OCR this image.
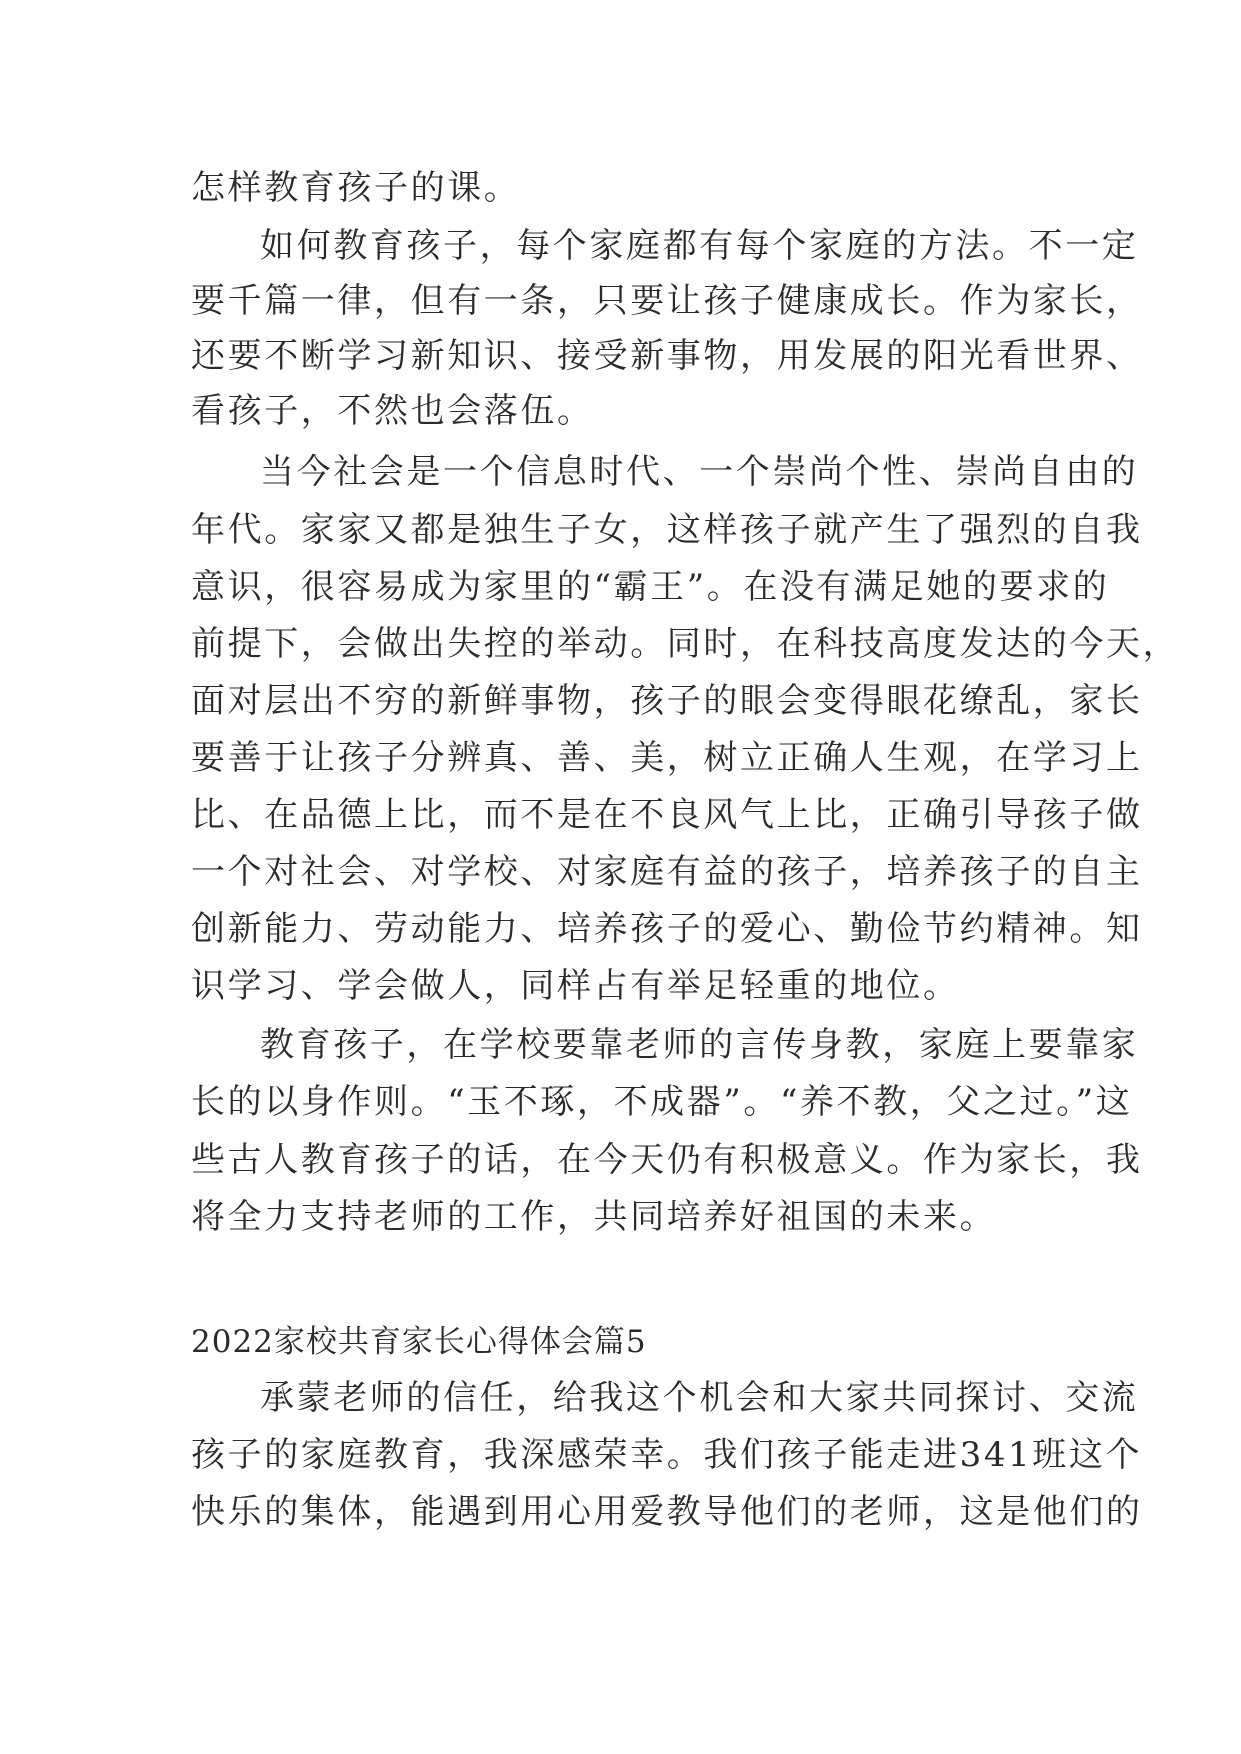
怎样教育孩子的课。
如何教育孩子，每个家庭都有每个家庭的方法。不一定
要千篇一律，但有一条，只要让孩子健康成长。作为家长，
还要不断学习新知识、接受新事物，用发展的阳光看世界、
看孩子，不然也会落伍。
当今社会是一个信息时代、一个崇尚个性、崇尚自由的
年代。家家又都是独生子女，这样孩子就产生了强烈的自我
意识，很容易成为家里的“霸王”。在没有满足她的要求的
前提下，会做出失控的举动。同时，在科技高度发达的今天，
面对层出不穷的新鲜事物，孩子的眼会变得眼花缭乱，家长
要善于让孩子分辨真、善、美，树立正确人生观，在学习上
比、在品德上比，而不是在不良风气上比，正确引导孩子做
一个对社会、对学校、对家庭有益的孩子，培养孩子的自主
创新能力、劳动能力、培养孩子的爱心、勤俭节约精神。知
识学习、学会做人，同样占有举足轻重的地位。
教育孩子，在学校要靠老师的言传身教，家庭上要靠家
长的以身作则。“玉不琢，不成器”。“养不教，父之过。”这
些古人教育孩子的话，在今天仍有积极意义。作为家长，我
将全力支持老师的工作，共同培养好祖国的未来。
2022家校共育家长心得体会篇5
承蒙老师的信任，给我这个机会和大家共同探讨、交流
孩子的家庭教育，我深感荣幸。我们孩子能走进341班这个
快乐的集体，能遇到用心用爱教导他们的老师，这是他们的
